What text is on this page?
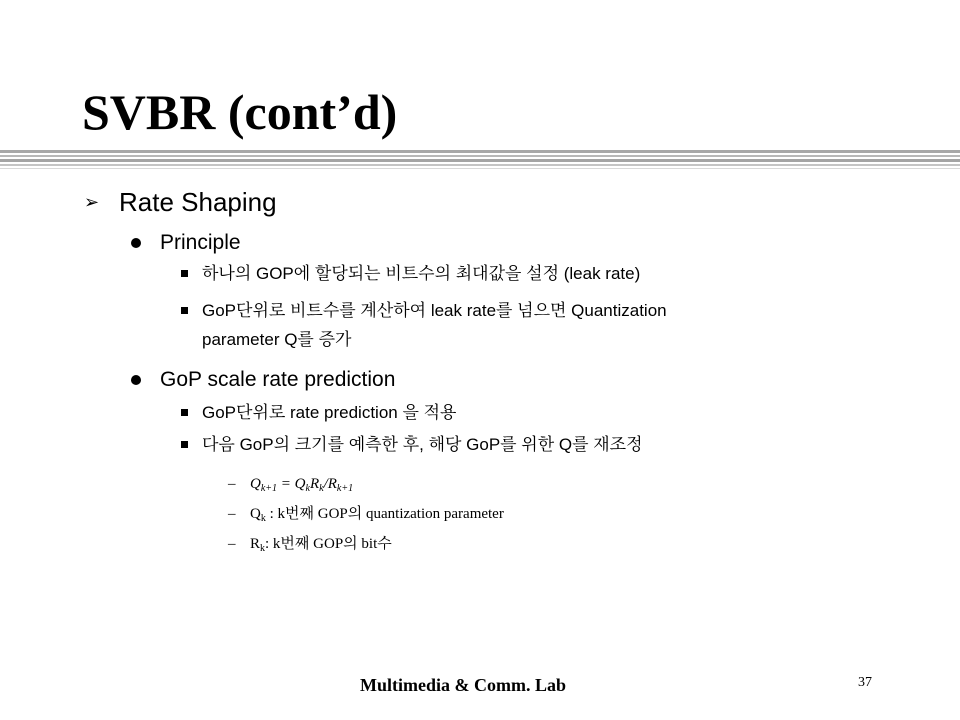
SVBR (cont’d)
➢ Rate Shaping
Principle
하나의 GOP에 할당되는 비트수의 최대값을 설정 (leak rate)
GoP단위로 비트수를 계산하여 leak rate를 넘으면 Quantization
parameter Q를 증가
GoP scale rate prediction
GoP단위로 rate prediction 을 적용
다음 GoP의 크기를 예측한 후, 해당 GoP를 위한 Q를 재조정
– $Q_{k+1} = Q_kR_k/R_{k+1}$
– $Q_k$ : k번째 GOP의 quantization parameter
– $R_k$: k번째 GOP의 bit수
Multimedia & Comm. Lab	37
